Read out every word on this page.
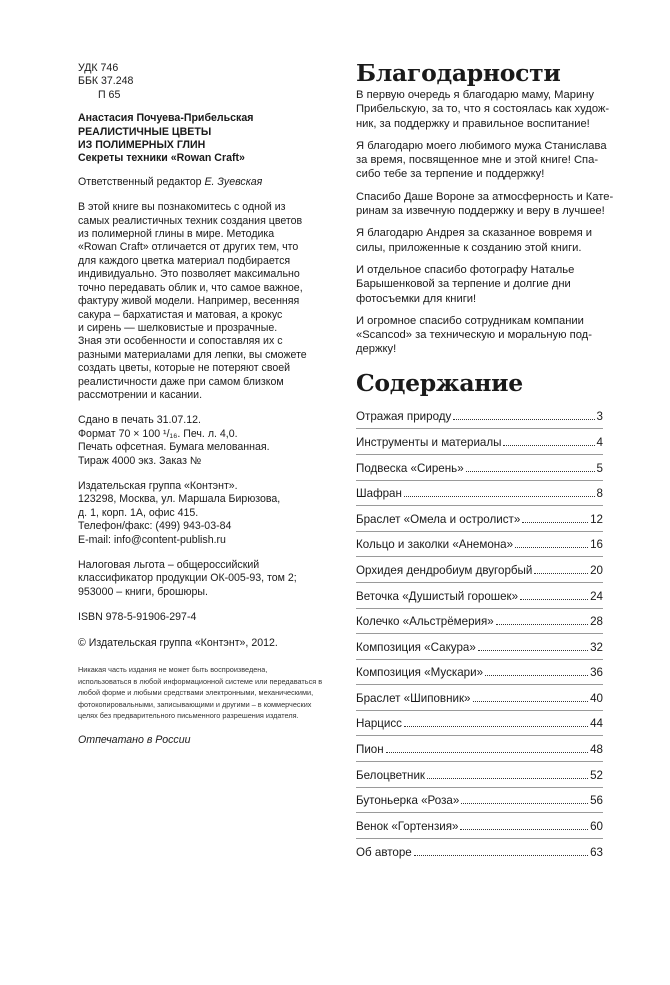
УДК 746
ББК 37.248
П 65
Анастасия Почуева-Прибельская
РЕАЛИСТИЧНЫЕ ЦВЕТЫ
ИЗ ПОЛИМЕРНЫХ ГЛИН
Секреты техники «Rowan Craft»
Ответственный редактор Е. Зуевская
В этой книге вы познакомитесь с одной из
самых реалистичных техник создания цветов
из полимерной глины в мире. Методика
«Rowan Craft» отличается от других тем, что
для каждого цветка материал подбирается
индивидуально. Это позволяет максимально
точно передавать облик и, что самое важное,
фактуру живой модели. Например, весенняя
сакура – бархатистая и матовая, а крокус
и сирень — шелковистые и прозрачные.
Зная эти особенности и сопоставляя их с
разными материалами для лепки, вы сможете
создать цветы, которые не потеряют своей
реалистичности даже при самом близком
рассмотрении и касании.
Сдано в печать 31.07.12.
Формат 70 × 100 ¹/₁₆. Печ. л. 4,0.
Печать офсетная. Бумага мелованная.
Тираж 4000 экз. Заказ №
Издательская группа «Контэнт».
123298, Москва, ул. Маршала Бирюзова,
д. 1, корп. 1А, офис 415.
Телефон/факс: (499) 943-03-84
E-mail: info@content-publish.ru
Налоговая льгота – общероссийский
классификатор продукции ОК-005-93, том 2;
953000 – книги, брошюры.
ISBN 978-5-91906-297-4
© Издательская группа «Контэнт», 2012.
Никакая часть издания не может быть воспроизведена,
использоваться в любой информационной системе или передаваться в
любой форме и любыми средствами электронными, механическими,
фотокопировальными, записывающими и другими – в коммерческих
целях без предварительного письменного разрешения издателя.
Отпечатано в России
Благодарности

В первую очередь я благодарю маму, Марину
Прибельскую, за то, что я состоялась как худож-
ник, за поддержку и правильное воспитание!

Я благодарю моего любимого мужа Станислава
за время, посвященное мне и этой книге! Спа-
сибо тебе за терпение и поддержку!

Спасибо Даше Вороне за атмосферность и Кате-
ринам за извечную поддержку и веру в лучшее!

Я благодарю Андрея за сказанное вовремя и
силы, приложенные к созданию этой книги.

И отдельное спасибо фотографу Наталье
Барышенковой за терпение и долгие дни
фотосъемки для книги!

И огромное спасибо сотрудникам компании
«Scancod» за техническую и моральную под-
держку!

Содержание
Отражая природу	3
Инструменты и материалы	4
Подвеска «Сирень»	5
Шафран	8
Браслет «Омела и остролист»	12
Кольцо и заколки «Анемона»	16
Орхидея дендробиум двугорбый	20
Веточка «Душистый горошек»	24
Колечко «Альстрёмерия»	28
Композиция «Сакура»	32
Композиция «Мускари»	36
Браслет «Шиповник»	40
Нарцисс	44
Пион	48
Белоцветник	52
Бутоньерка «Роза»	56
Венок «Гортензия»	60
Об авторе	63
